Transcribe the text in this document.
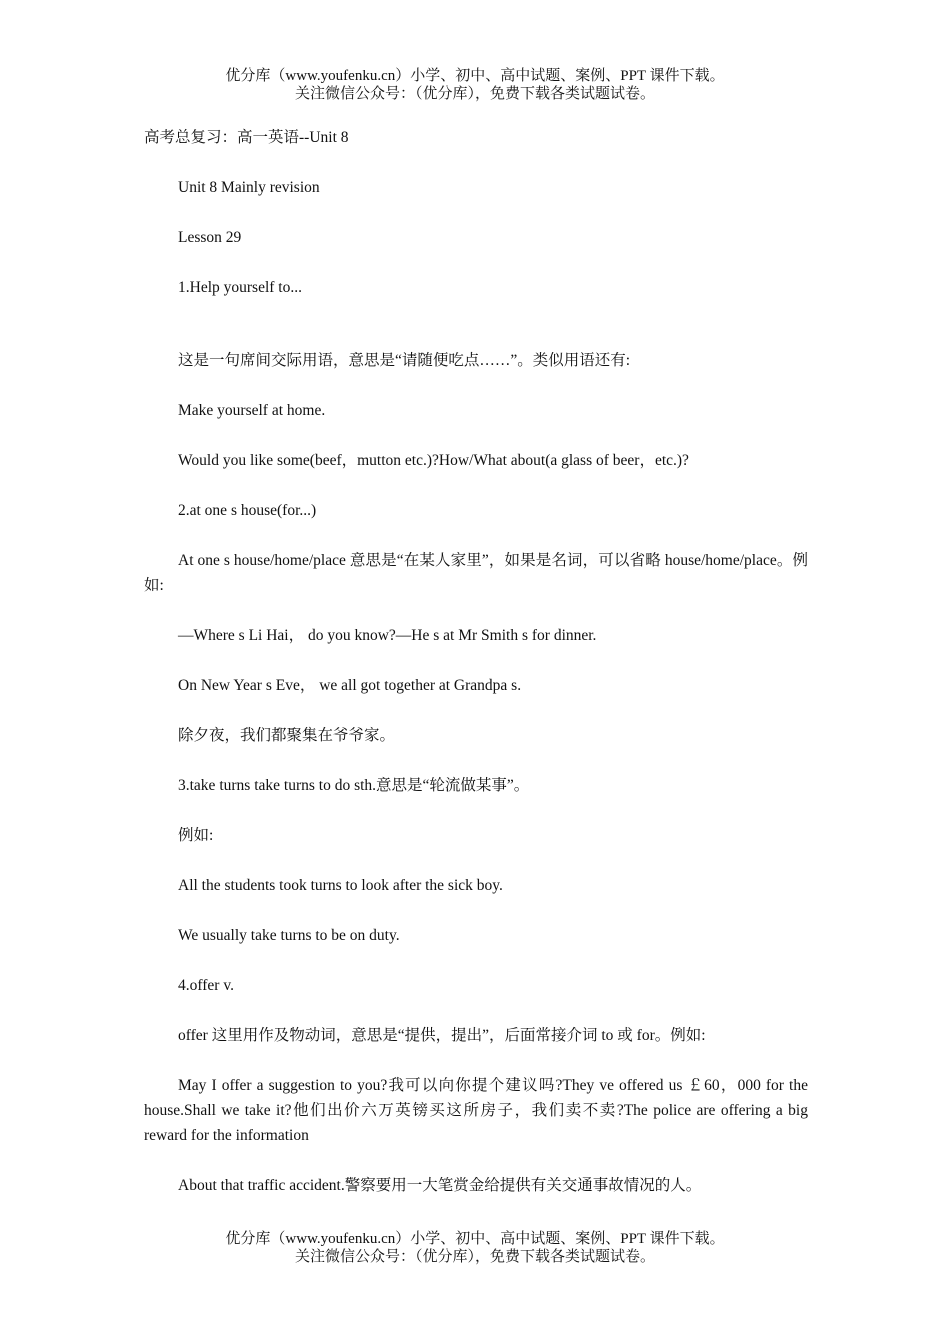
优分库（www.youfenku.cn）小学、初中、高中试题、案例、PPT 课件下载。
关注微信公众号：（优分库），免费下载各类试题试卷。

高考总复习：高一英语--Unit 8

Unit 8 Mainly revision

Lesson 29

1.Help yourself to...

这是一句席间交际用语，意思是“请随便吃点……”。类似用语还有:

Make yourself at home.

Would you like some(beef，mutton etc.)?How/What about(a glass of beer，etc.)?

2.at one s house(for...)

At one s house/home/place 意思是“在某人家里”，如果是名词，可以省略 house/home/place。例如:

—Where s Li Hai， do you know?—He s at Mr Smith s for dinner.

On New Year s Eve， we all got together at Grandpa s.

除夕夜，我们都聚集在爷爷家。

3.take turns take turns to do sth.意思是“轮流做某事”。

例如:

All the students took turns to look after the sick boy.

We usually take turns to be on duty.

4.offer v.

offer 这里用作及物动词，意思是“提供，提出”，后面常接介词 to 或 for。例如:

May I offer a suggestion to you?我可以向你提个建议吗?They ve offered us ￡60，000 for the house.Shall we take it?他们出价六万英镑买这所房子，我们卖不卖?The police are offering a big reward for the information

About that traffic accident.警察要用一大笔赏金给提供有关交通事故情况的人。

优分库（www.youfenku.cn）小学、初中、高中试题、案例、PPT 课件下载。
关注微信公众号：（优分库），免费下载各类试题试卷。
